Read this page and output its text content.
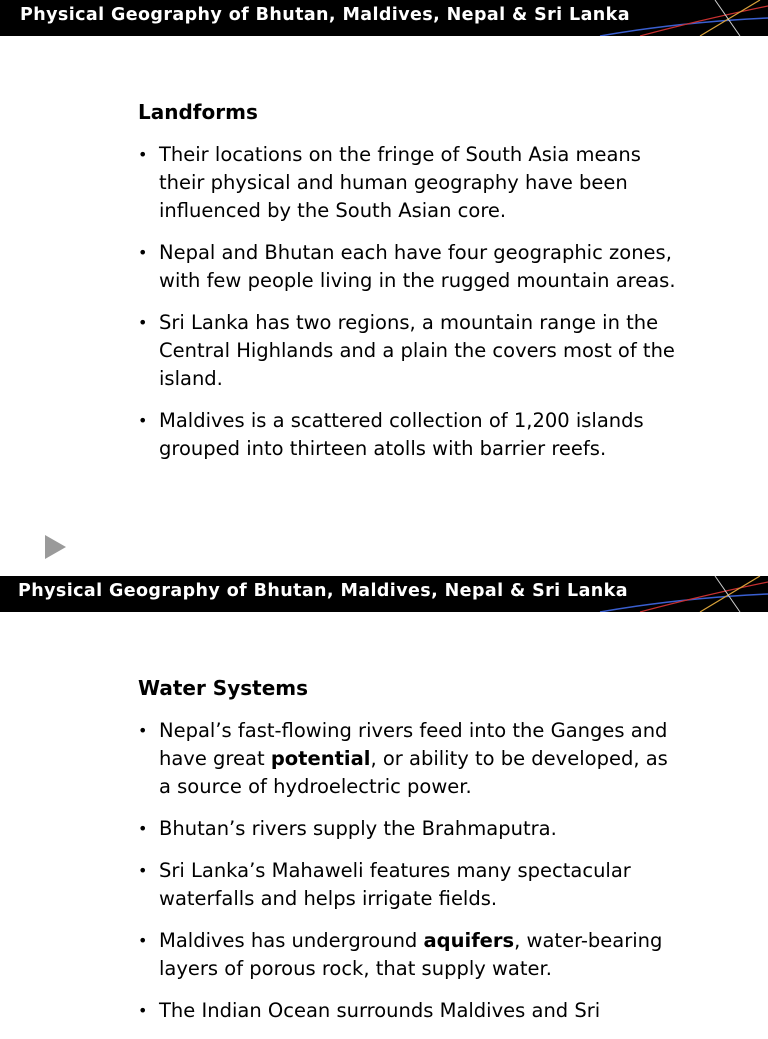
Physical Geography of Bhutan, Maldives, Nepal & Sri Lanka
Landforms
• Their locations on the fringe of South Asia means their physical and human geography have been influenced by the South Asian core.
• Nepal and Bhutan each have four geographic zones, with few people living in the rugged mountain areas.
• Sri Lanka has two regions, a mountain range in the Central Highlands and a plain the covers most of the island.
• Maldives is a scattered collection of 1,200 islands grouped into thirteen atolls with barrier reefs.
Physical Geography of Bhutan, Maldives, Nepal & Sri Lanka
Water Systems
• Nepal’s fast-flowing rivers feed into the Ganges and have great potential, or ability to be developed, as a source of hydroelectric power.
• Bhutan’s rivers supply the Brahmaputra.
• Sri Lanka’s Mahaweli features many spectacular waterfalls and helps irrigate fields.
• Maldives has underground aquifers, water-bearing layers of porous rock, that supply water.
• The Indian Ocean surrounds Maldives and Sri
